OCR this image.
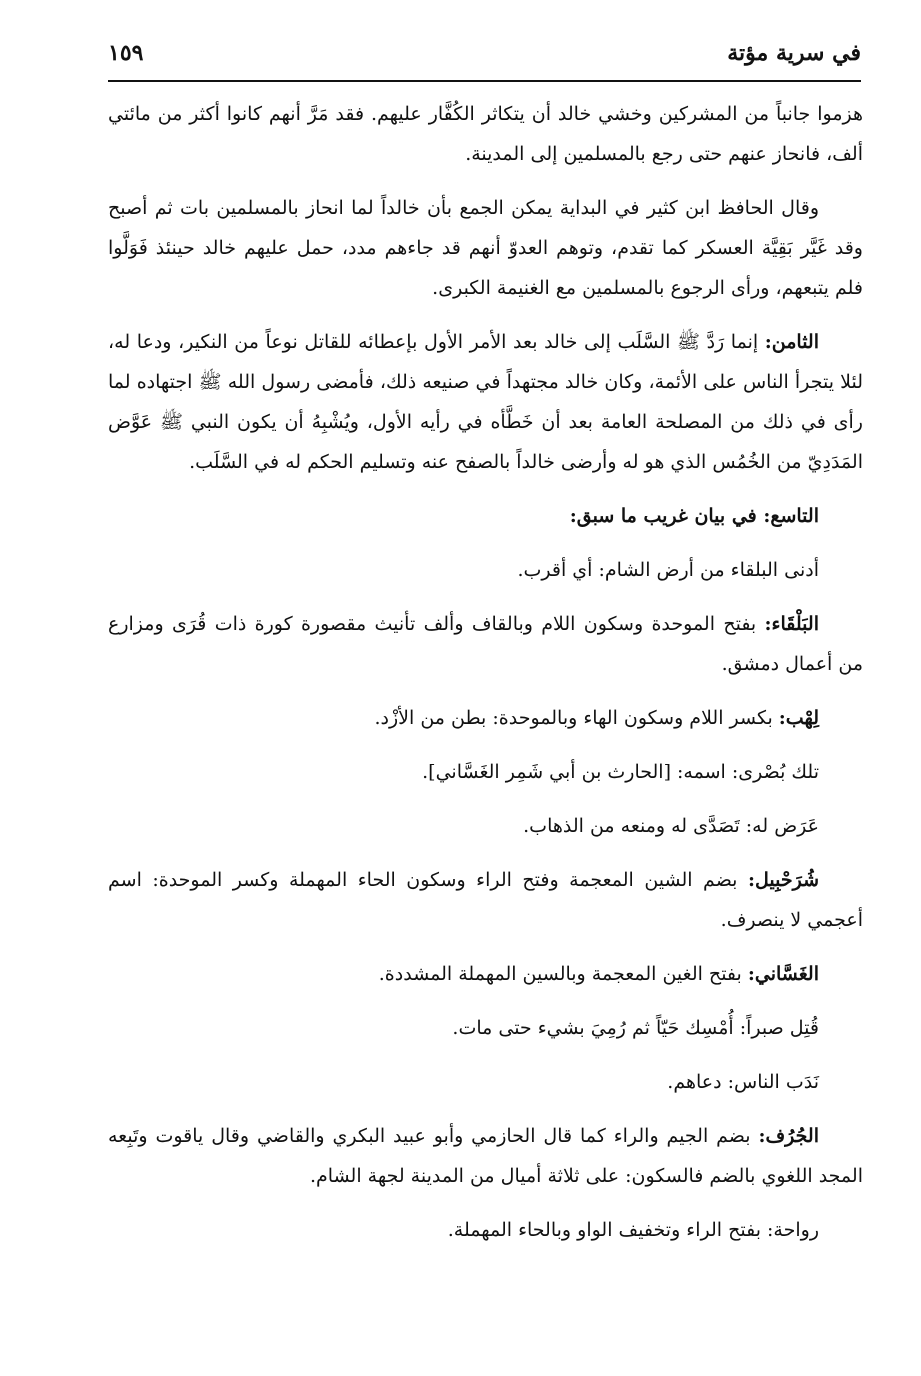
في سرية مؤتة
١٥٩

هزموا جانباً من المشركين وخشي خالد أن يتكاثر الكُفَّار عليهم. فقد مَرَّ أنهم كانوا أكثر من مائتي ألف، فانحاز عنهم حتى رجع بالمسلمين إلى المدينة.

وقال الحافظ ابن كثير في البداية يمكن الجمع بأن خالداً لما انحاز بالمسلمين بات ثم أصبح وقد غَيَّر بَقِيَّة العسكر كما تقدم، وتوهم العدوّ أنهم قد جاءهم مدد، حمل عليهم خالد حينئذ فَوَلَّوا فلم يتبعهم، ورأى الرجوع بالمسلمين مع الغنيمة الكبرى.

الثامن: إنما رَدَّ ﷺ السَّلَب إلى خالد بعد الأمر الأول بإعطائه للقاتل نوعاً من النكير، ودعا له، لئلا يتجرأ الناس على الأئمة، وكان خالد مجتهداً في صنيعه ذلك، فأمضى رسول الله ﷺ اجتهاده لما رأى في ذلك من المصلحة العامة بعد أن خَطَّأه في رأيه الأول، ويُشْبِهُ أن يكون النبي ﷺ عَوَّض المَدَدِيّ من الخُمُس الذي هو له وأرضى خالداً بالصفح عنه وتسليم الحكم له في السَّلَب.

التاسع: في بيان غريب ما سبق:

أدنى البلقاء من أرض الشام: أي أقرب.

البَلْقَاء: بفتح الموحدة وسكون اللام وبالقاف وألف تأنيث مقصورة كورة ذات قُرَى ومزارع من أعمال دمشق.

لِهْب: بكسر اللام وسكون الهاء وبالموحدة: بطن من الأزْد.

تلك بُصْرى: اسمه: [الحارث بن أبي شَمِر الغَسَّاني].

عَرَض له: تَصَدَّى له ومنعه من الذهاب.

شُرَحْبِيل: بضم الشين المعجمة وفتح الراء وسكون الحاء المهملة وكسر الموحدة: اسم أعجمي لا ينصرف.

الغَسَّاني: بفتح الغين المعجمة وبالسين المهملة المشددة.

قُتِل صبراً: أُمْسِك حَيّاً ثم رُمِيَ بشيء حتى مات.

نَدَب الناس: دعاهم.

الجُرُف: بضم الجيم والراء كما قال الحازمي وأبو عبيد البكري والقاضي وقال ياقوت وتَبِعه المجد اللغوي بالضم فالسكون: على ثلاثة أميال من المدينة لجهة الشام.

رواحة: بفتح الراء وتخفيف الواو وبالحاء المهملة.
